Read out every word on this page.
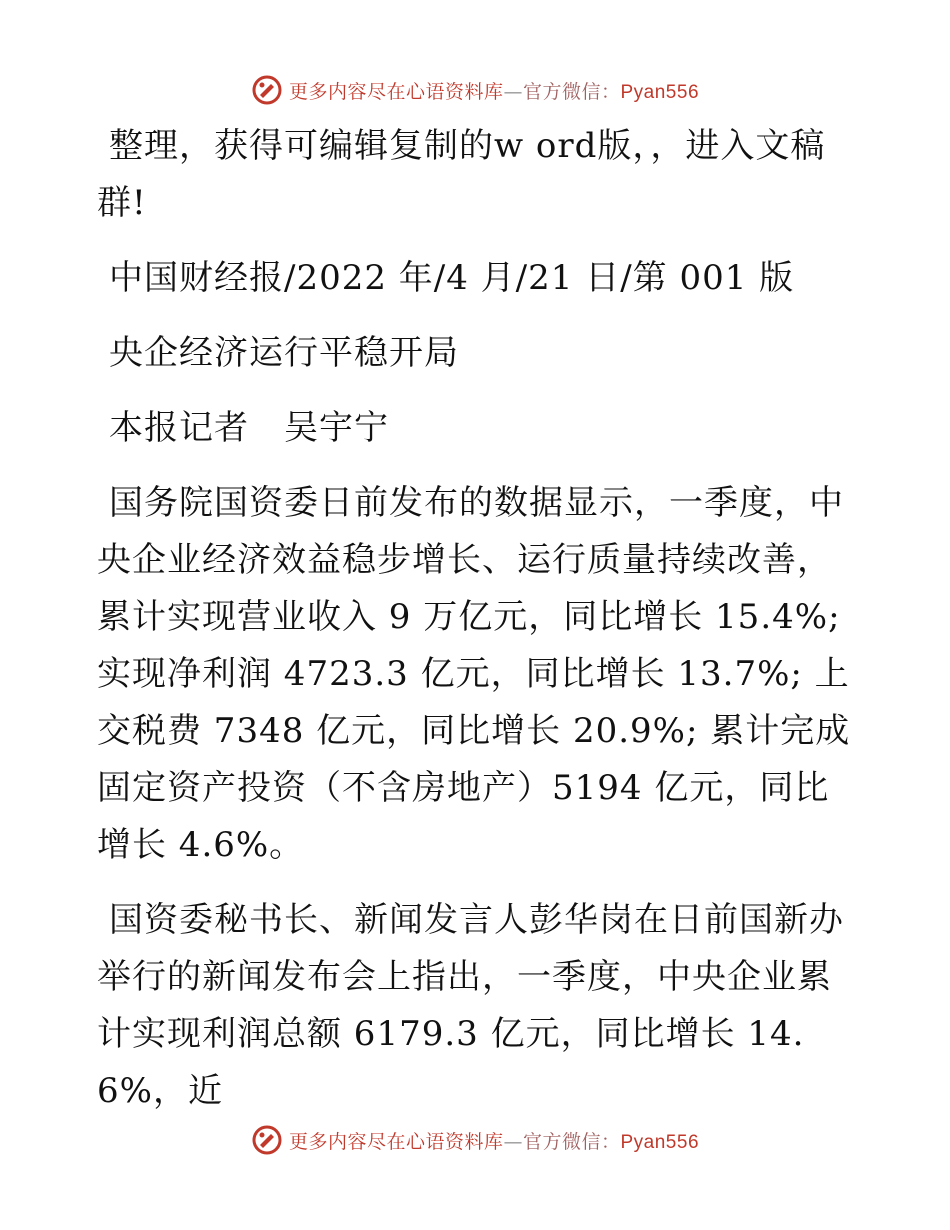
更多内容尽在心语资料库—官方微信：Pyan556

整理，获得可编辑复制的w ord版，，进入文稿群!

中国财经报/2022 年/4 月/21 日/第 001 版

央企经济运行平稳开局

本报记者　吴宇宁

国务院国资委日前发布的数据显示，一季度，中央企业经济效益稳步增长、运行质量持续改善，累计实现营业收入 9 万亿元，同比增长 15.4%; 实现净利润 4723.3 亿元，同比增长 13.7%; 上交税费 7348 亿元，同比增长 20.9%; 累计完成固定资产投资（不含房地产）5194 亿元，同比增长 4.6%。

国资委秘书长、新闻发言人彭华岗在日前国新办举行的新闻发布会上指出，一季度，中央企业累计实现利润总额 6179.3 亿元，同比增长 14.6%，近

更多内容尽在心语资料库—官方微信：Pyan556
